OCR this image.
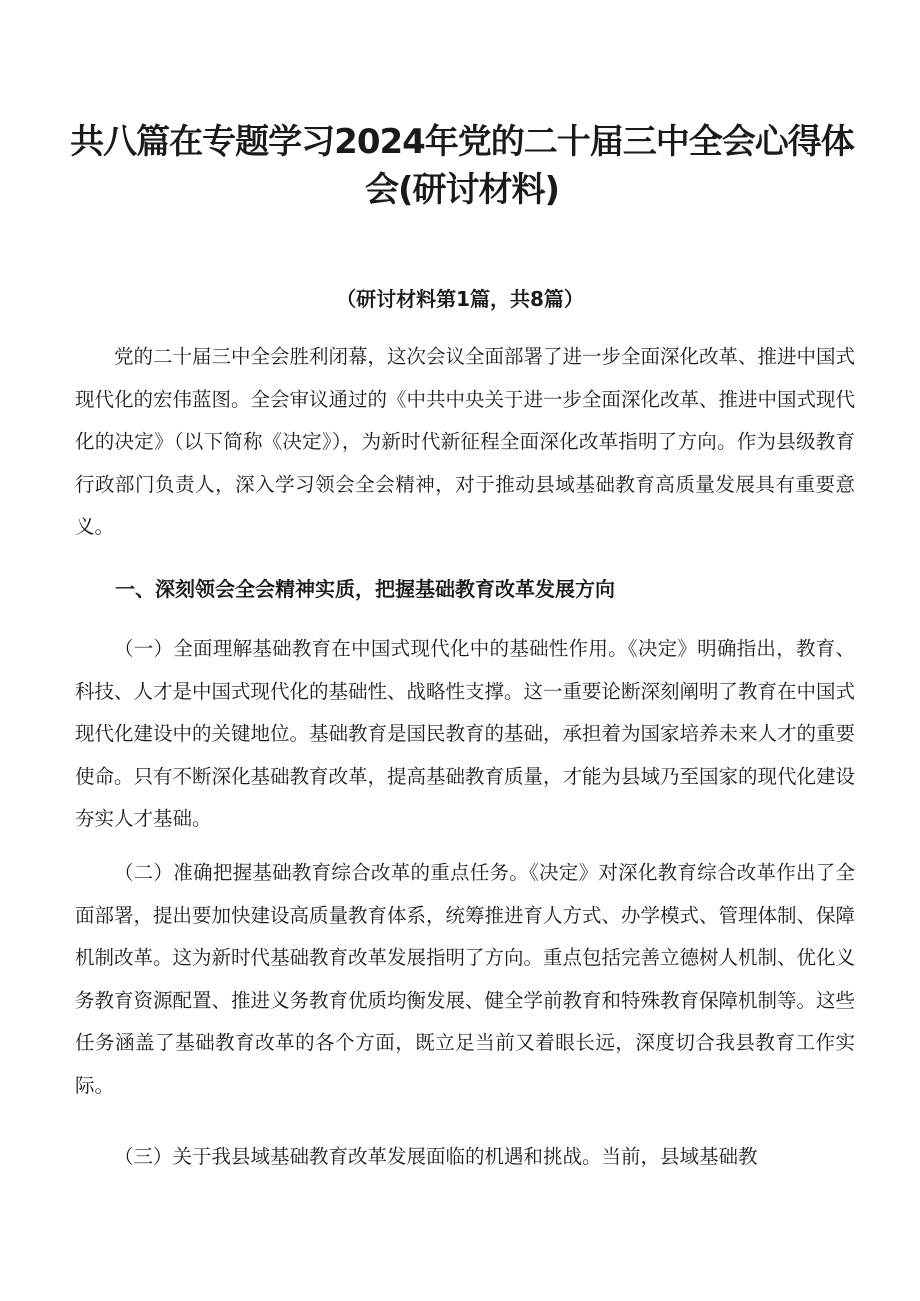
共八篇在专题学习2024年党的二十届三中全会心得体会(研讨材料)

（研讨材料第1篇，共8篇）

党的二十届三中全会胜利闭幕，这次会议全面部署了进一步全面深化改革、推进中国式现代化的宏伟蓝图。全会审议通过的《中共中央关于进一步全面深化改革、推进中国式现代化的决定》（以下简称《决定》），为新时代新征程全面深化改革指明了方向。作为县级教育行政部门负责人，深入学习领会全会精神，对于推动县域基础教育高质量发展具有重要意义。

一、深刻领会全会精神实质，把握基础教育改革发展方向

（一）全面理解基础教育在中国式现代化中的基础性作用。《决定》明确指出，教育、科技、人才是中国式现代化的基础性、战略性支撑。这一重要论断深刻阐明了教育在中国式现代化建设中的关键地位。基础教育是国民教育的基础，承担着为国家培养未来人才的重要使命。只有不断深化基础教育改革，提高基础教育质量，才能为县域乃至国家的现代化建设夯实人才基础。

（二）准确把握基础教育综合改革的重点任务。《决定》对深化教育综合改革作出了全面部署，提出要加快建设高质量教育体系，统筹推进育人方式、办学模式、管理体制、保障机制改革。这为新时代基础教育改革发展指明了方向。重点包括完善立德树人机制、优化义务教育资源配置、推进义务教育优质均衡发展、健全学前教育和特殊教育保障机制等。这些任务涵盖了基础教育改革的各个方面，既立足当前又着眼长远，深度切合我县教育工作实际。

（三）关于我县域基础教育改革发展面临的机遇和挑战。当前，县域基础教
